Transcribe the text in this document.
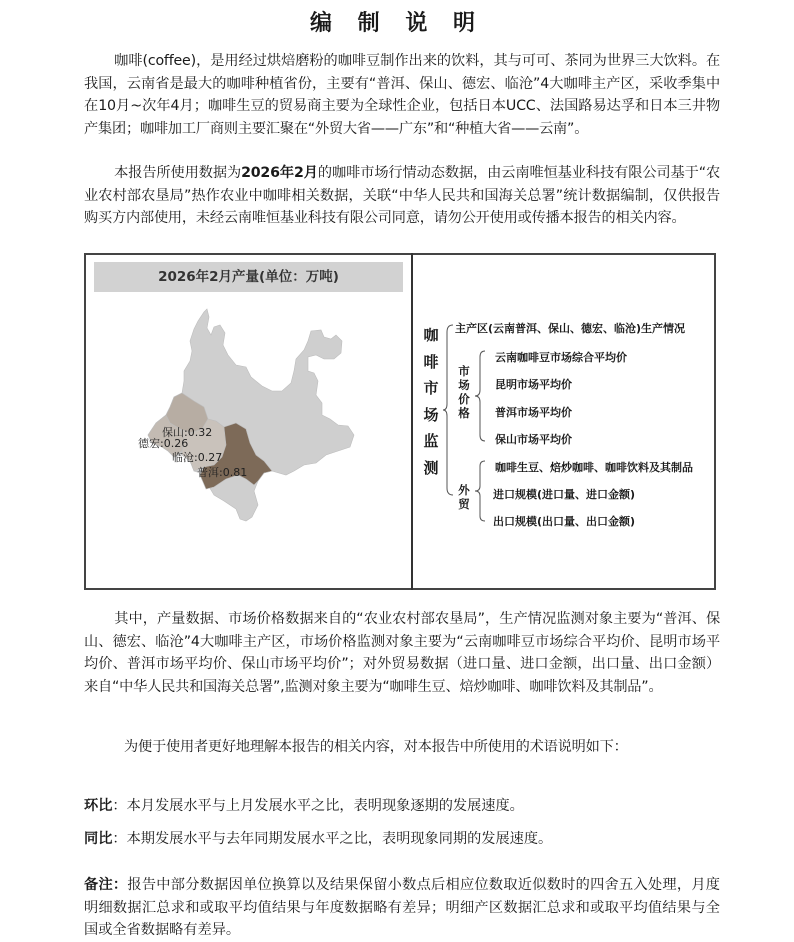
编 制 说 明
咖啡(coffee)，是用经过烘焙磨粉的咖啡豆制作出来的饮料，其与可可、茶同为世界三大饮料。在我国，云南省是最大的咖啡种植省份，主要有“普洱、保山、德宏、临沧”4大咖啡主产区，采收季集中在10月~次年4月；咖啡生豆的贸易商主要为全球性企业，包括日本UCC、法国路易达孚和日本三井物产集团；咖啡加工厂商则主要汇聚在“外贸大省——广东”和“种植大省——云南”。
本报告所使用数据为2026年2月的咖啡市场行情动态数据，由云南唯恒基业科技有限公司基于“农业农村部农垦局”热作农业中咖啡相关数据，关联“中华人民共和国海关总署”统计数据编制，仅供报告购买方内部使用，未经云南唯恒基业科技有限公司同意，请勿公开使用或传播本报告的相关内容。
2026年2月产量(单位：万吨)
保山:0.32
德宏:0.26
临沧:0.27
普洱:0.81
咖
啡
市
场
监
测
主产区(云南普洱、保山、德宏、临沧)生产情况
市
场
价
格
云南咖啡豆市场综合平均价
昆明市场平均价
普洱市场平均价
保山市场平均价
外
贸
咖啡生豆、焙炒咖啡、咖啡饮料及其制品
进口规模(进口量、进口金额)
出口规模(出口量、出口金额)
其中，产量数据、市场价格数据来自的“农业农村部农垦局”，生产情况监测对象主要为“普洱、保山、德宏、临沧”4大咖啡主产区，市场价格监测对象主要为“云南咖啡豆市场综合平均价、昆明市场平均价、普洱市场平均价、保山市场平均价”；对外贸易数据（进口量、进口金额，出口量、出口金额）来自“中华人民共和国海关总署”,监测对象主要为“咖啡生豆、焙炒咖啡、咖啡饮料及其制品”。
为便于使用者更好地理解本报告的相关内容，对本报告中所使用的术语说明如下：
环比：本月发展水平与上月发展水平之比，表明现象逐期的发展速度。
同比：本期发展水平与去年同期发展水平之比，表明现象同期的发展速度。
备注：报告中部分数据因单位换算以及结果保留小数点后相应位数取近似数时的四舍五入处理，月度明细数据汇总求和或取平均值结果与年度数据略有差异；明细产区数据汇总求和或取平均值结果与全国或全省数据略有差异。
